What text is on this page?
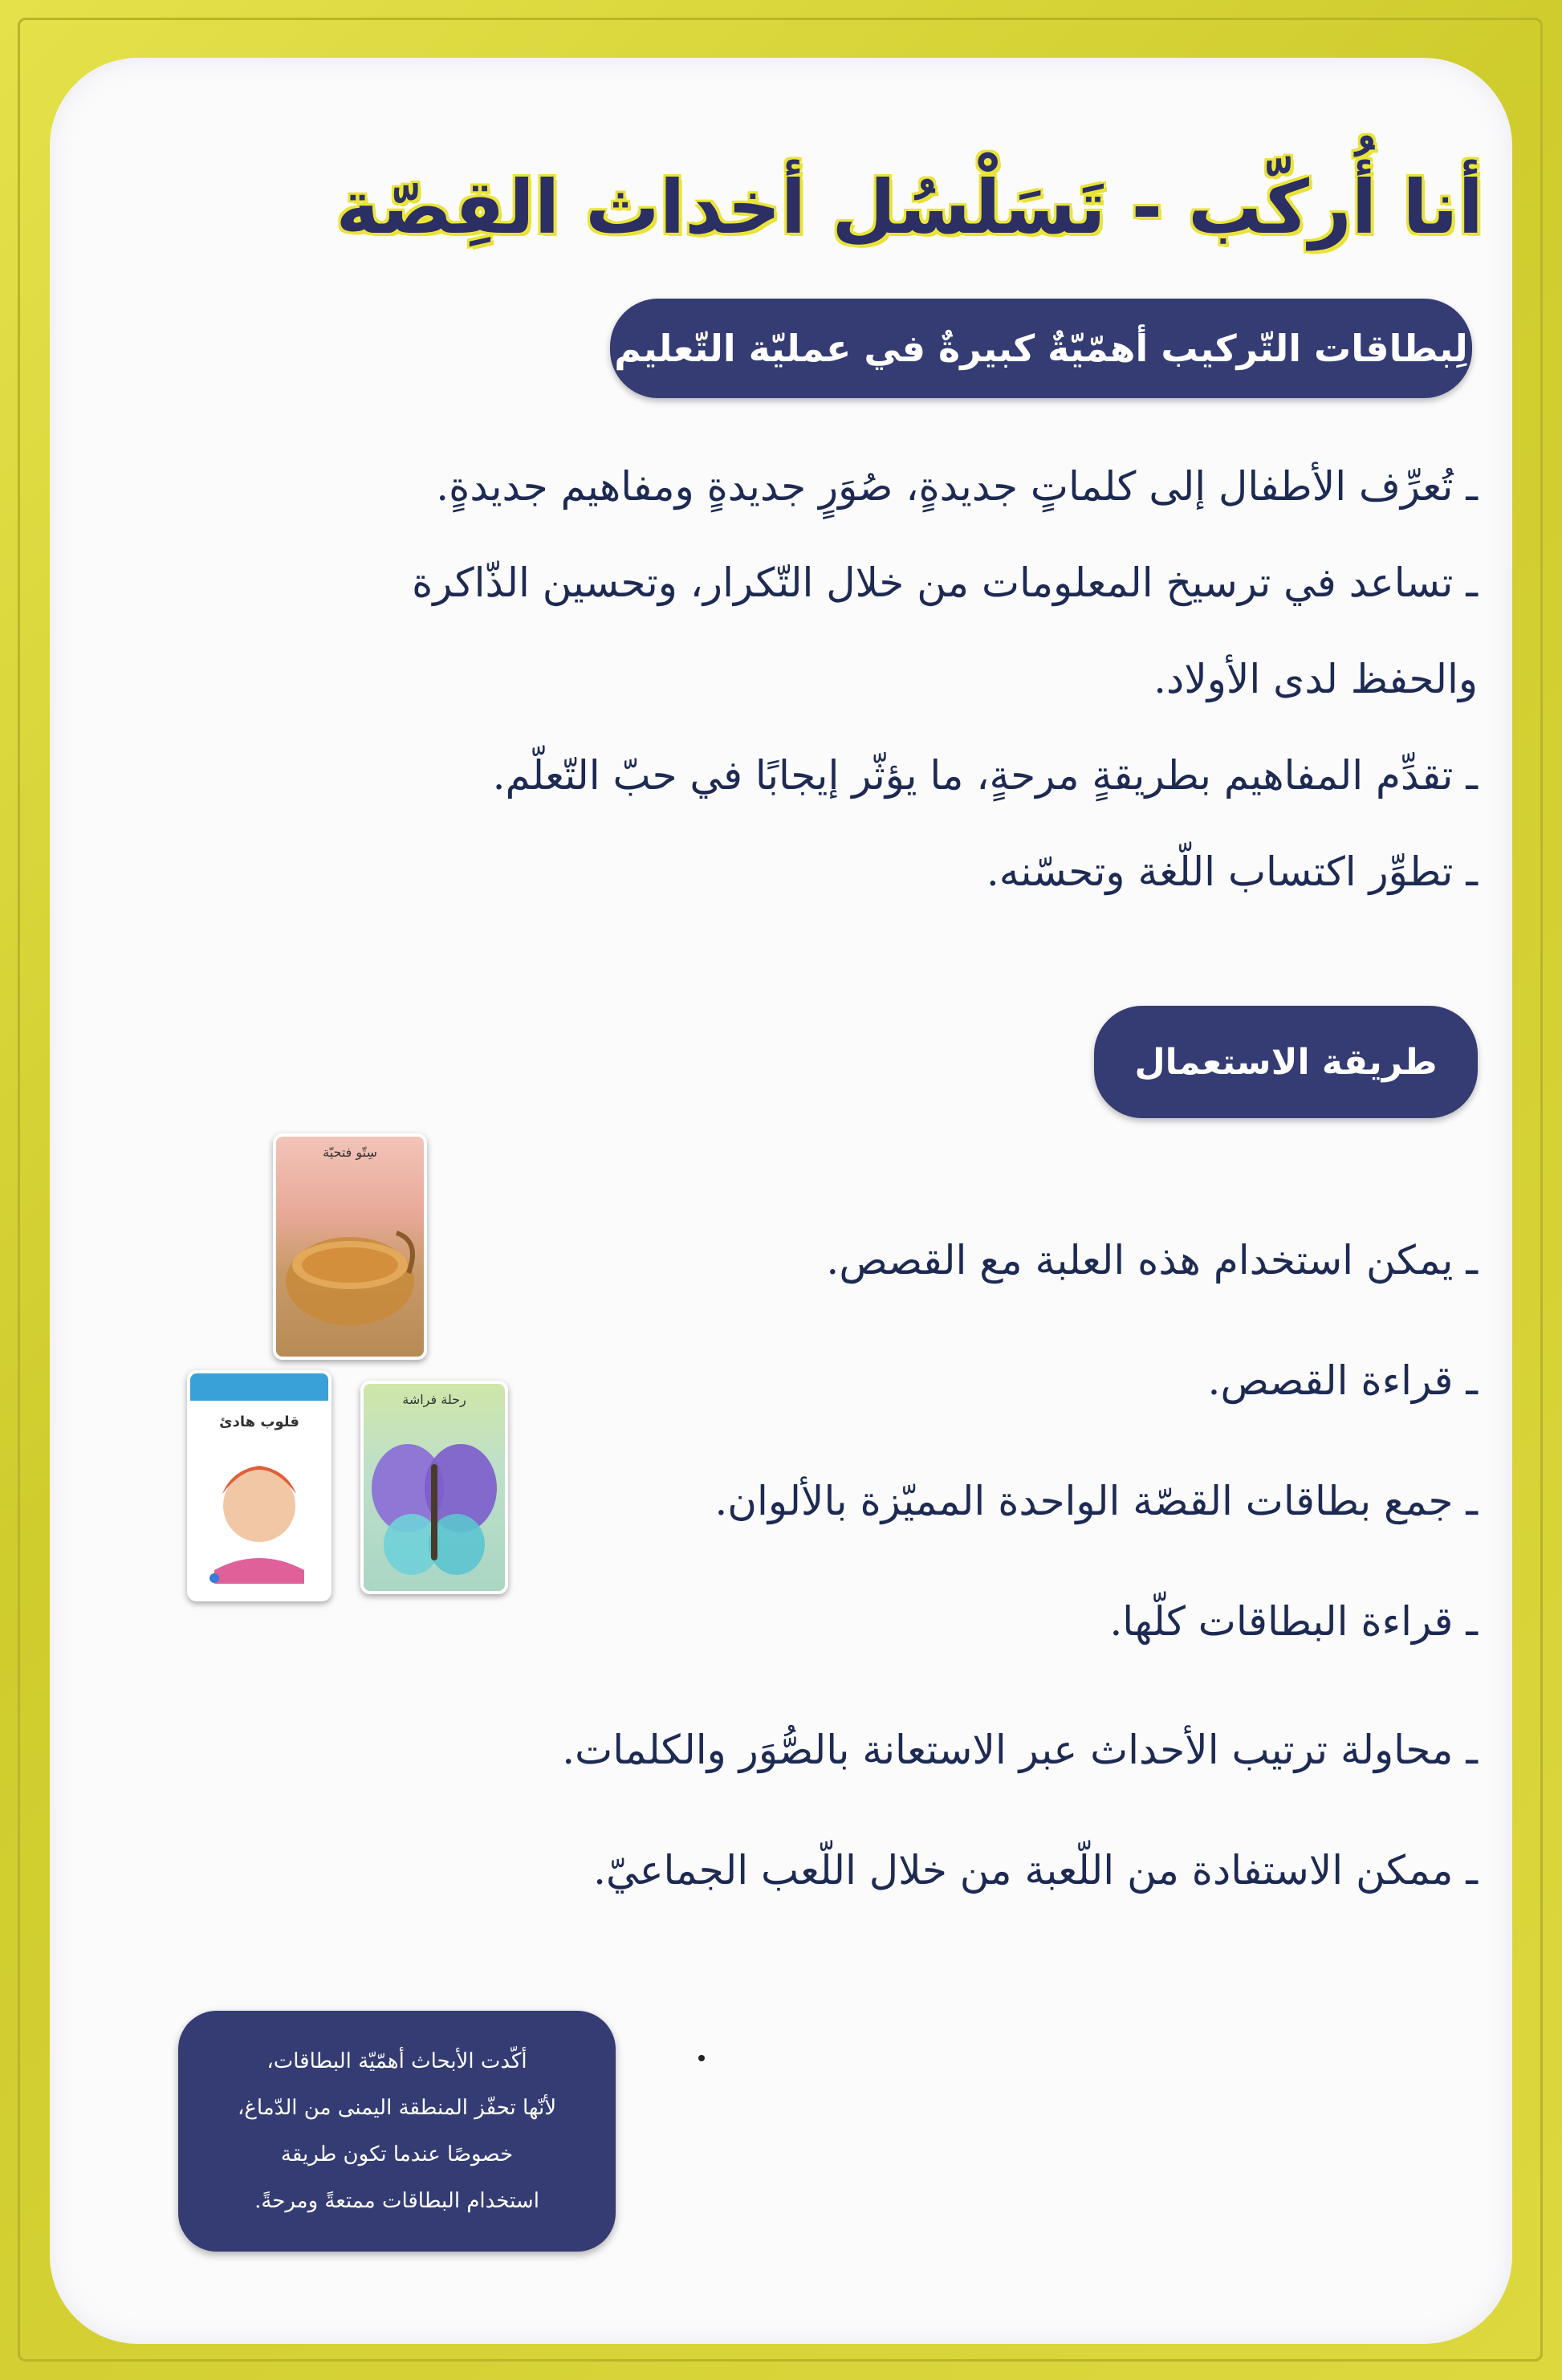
أنا أُركّب - تَسَلْسُل أخداث القِصّة
لِبطاقات التّركيب أهمّيّةٌ كبيرةٌ في عمليّة التّعليم
ـ تُعرِّف الأطفال إلى كلماتٍ جديدةٍ، صُوَرٍ جديدةٍ ومفاهيم جديدةٍ.
ـ تساعد في ترسيخ المعلومات من خلال التّكرار، وتحسين الذّاكرة
والحفظ لدى الأولاد.
ـ تقدِّم المفاهيم بطريقةٍ مرحةٍ، ما يؤثّر إيجابًا في حبّ التّعلّم.
ـ تطوِّر اكتساب اللّغة وتحسّنه.
طريقة الاستعمال
سِتّو فتحيّة
رحلة فراشة
قلوب هادئ
ـ يمكن استخدام هذه العلبة مع القصص.
ـ قراءة القصص.
ـ جمع بطاقات القصّة الواحدة المميّزة بالألوان.
ـ قراءة البطاقات كلّها.
ـ محاولة ترتيب الأحداث عبر الاستعانة بالصُّوَر والكلمات.
ـ ممكن الاستفادة من اللّعبة من خلال اللّعب الجماعيّ.
أكّدت الأبحاث أهمّيّة البطاقات،
لأنّها تحفّز المنطقة اليمنى من الدّماغ،
خصوصًا عندما تكون طريقة
استخدام البطاقات ممتعةً ومرحةً.
